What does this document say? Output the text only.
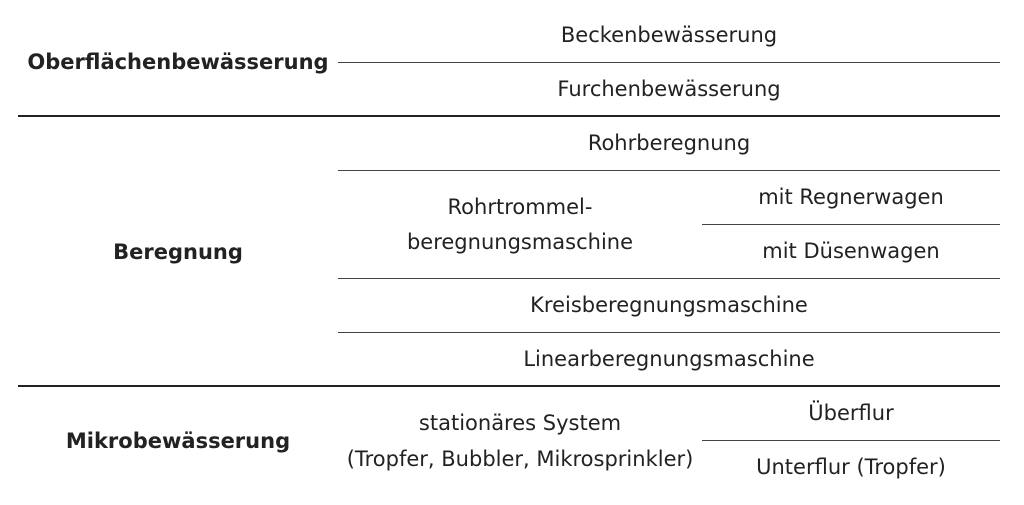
Oberflächenbewässerung
Beregnung
Mikrobewässerung
Beckenbewässerung
Furchenbewässerung
Rohrberegnung
Rohrtrommel-
beregnungsmaschine
mit Regnerwagen
mit Düsenwagen
Kreisberegnungsmaschine
Linearberegnungsmaschine
stationäres System
(Tropfer, Bubbler, Mikrosprinkler)
Überflur
Unterflur (Tropfer)
